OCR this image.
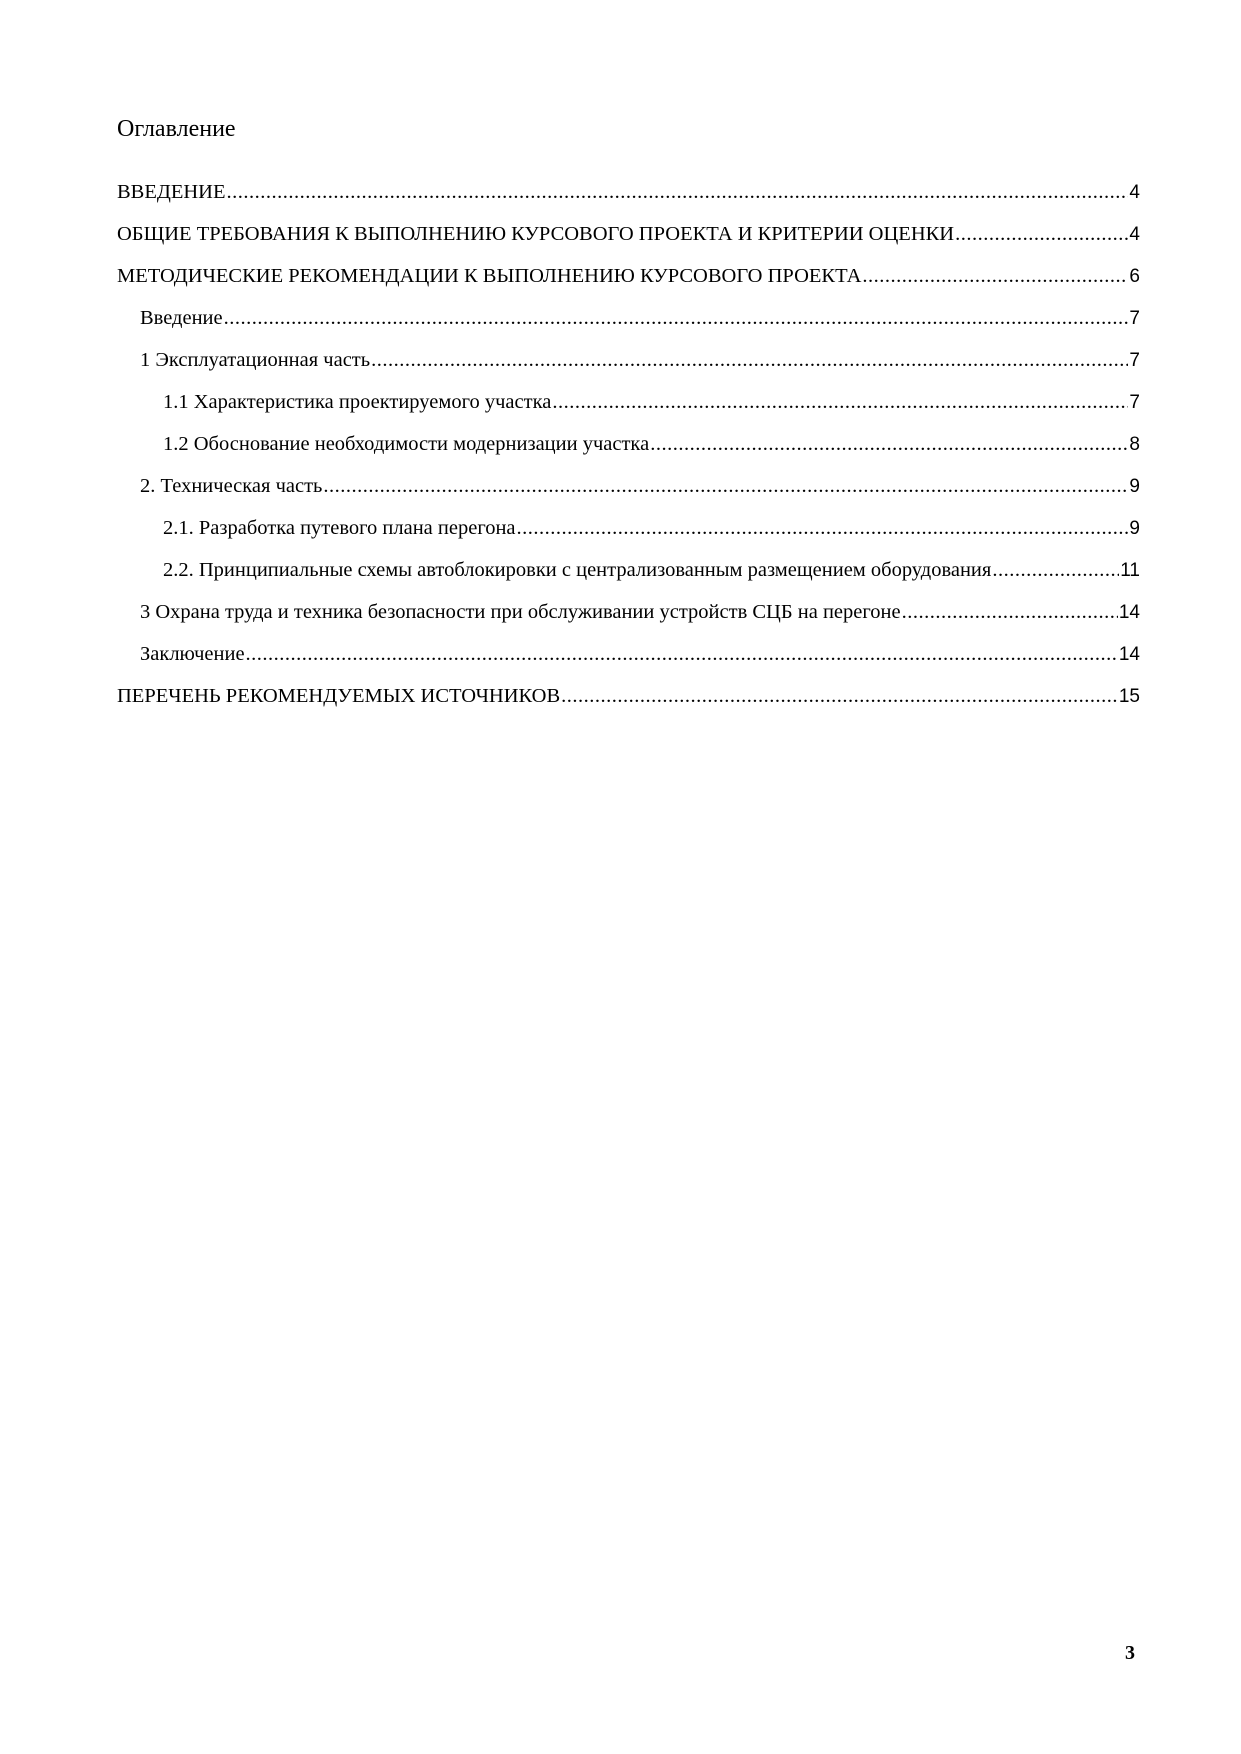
Оглавление
ВВЕДЕНИЕ .....	4
ОБЩИЕ ТРЕБОВАНИЯ К ВЫПОЛНЕНИЮ КУРСОВОГО ПРОЕКТА И КРИТЕРИИ ОЦЕНКИ .....	4
МЕТОДИЧЕСКИЕ РЕКОМЕНДАЦИИ К ВЫПОЛНЕНИЮ КУРСОВОГО ПРОЕКТА .....	6
Введение .....	7
1 Эксплуатационная часть .....	7
1.1 Характеристика проектируемого участка .....	7
1.2 Обоснование необходимости модернизации участка .....	8
2. Техническая часть .....	9
2.1. Разработка путевого плана перегона .....	9
2.2. Принципиальные схемы автоблокировки с централизованным размещением оборудования .....	11
3 Охрана труда и техника безопасности при обслуживании устройств СЦБ на перегоне .....	14
Заключение .....	14
ПЕРЕЧЕНЬ РЕКОМЕНДУЕМЫХ ИСТОЧНИКОВ .....	15
3
